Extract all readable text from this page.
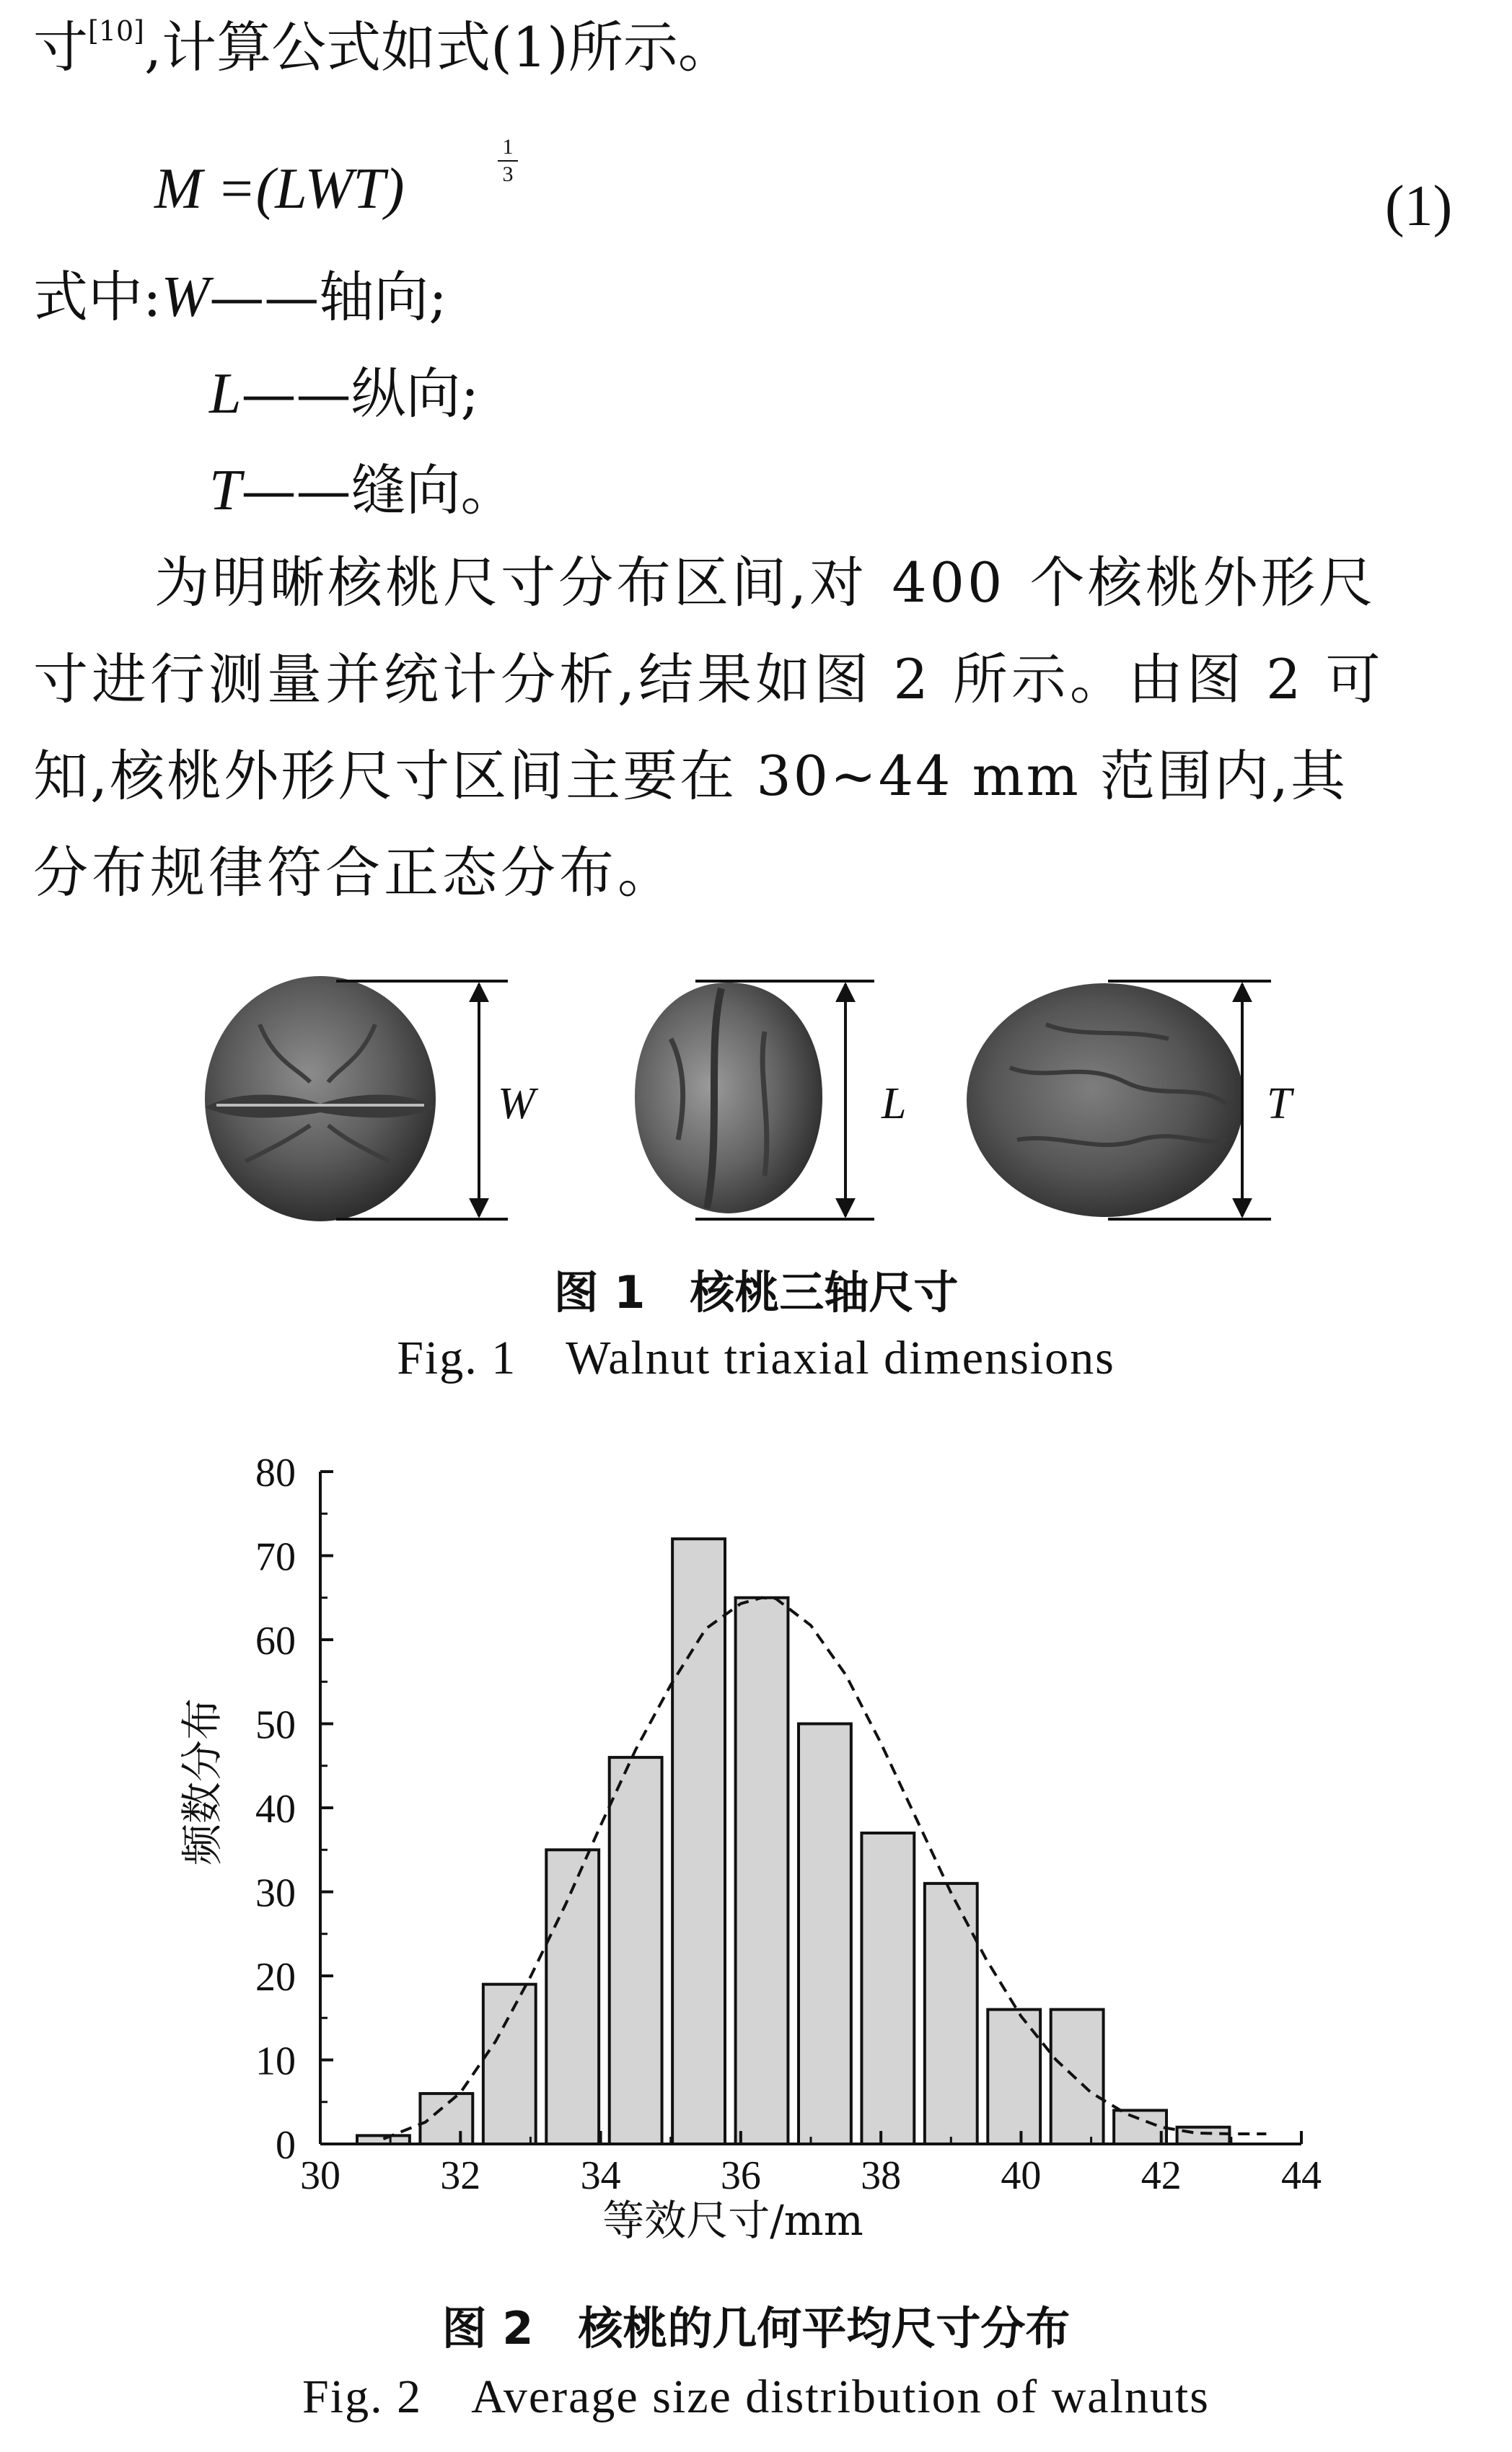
寸[10],计算公式如式(1)所示。
M =(LWT)
1
3
(1)
式中:W——轴向;
L——纵向;
T——缝向。
为明晰核桃尺寸分布区间,对 400 个核桃外形尺
寸进行测量并统计分析,结果如图 2 所示。由图 2 可
知,核桃外形尺寸区间主要在 30~44 mm 范围内,其
分布规律符合正态分布。
W	L	T
图 1　核桃三轴尺寸
Fig. 1　Walnut triaxial dimensions
30 32 34 36 38 40 42 44
0
10
20
30
40
50
60
70
80
频数分布
等效尺寸/mm
图 2　核桃的几何平均尺寸分布
Fig. 2　Average size distribution of walnuts
